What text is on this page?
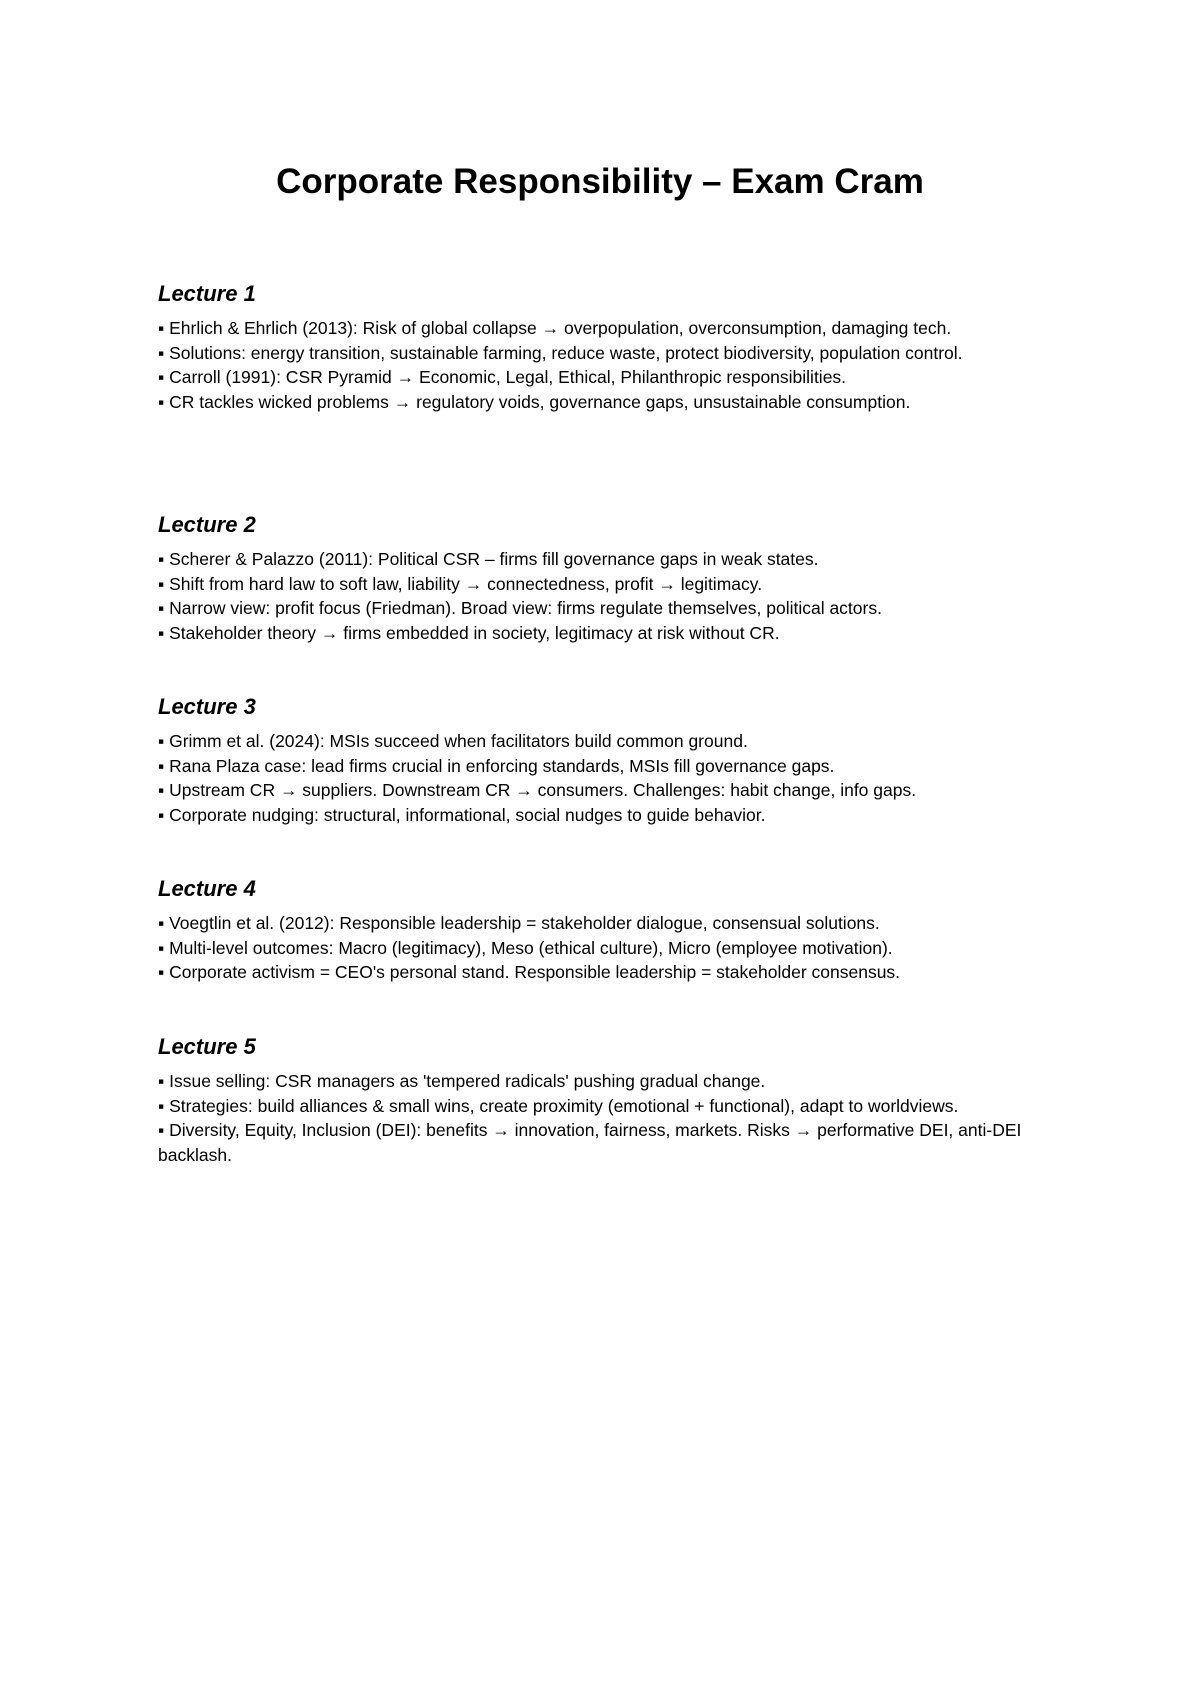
Corporate Responsibility – Exam Cram
Lecture 1
▪ Ehrlich & Ehrlich (2013): Risk of global collapse → overpopulation, overconsumption, damaging tech.
▪ Solutions: energy transition, sustainable farming, reduce waste, protect biodiversity, population control.
▪ Carroll (1991): CSR Pyramid → Economic, Legal, Ethical, Philanthropic responsibilities.
▪ CR tackles wicked problems → regulatory voids, governance gaps, unsustainable consumption.
Lecture 2
▪ Scherer & Palazzo (2011): Political CSR – firms fill governance gaps in weak states.
▪ Shift from hard law to soft law, liability → connectedness, profit → legitimacy.
▪ Narrow view: profit focus (Friedman). Broad view: firms regulate themselves, political actors.
▪ Stakeholder theory → firms embedded in society, legitimacy at risk without CR.
Lecture 3
▪ Grimm et al. (2024): MSIs succeed when facilitators build common ground.
▪ Rana Plaza case: lead firms crucial in enforcing standards, MSIs fill governance gaps.
▪ Upstream CR → suppliers. Downstream CR → consumers. Challenges: habit change, info gaps.
▪ Corporate nudging: structural, informational, social nudges to guide behavior.
Lecture 4
▪ Voegtlin et al. (2012): Responsible leadership = stakeholder dialogue, consensual solutions.
▪ Multi-level outcomes: Macro (legitimacy), Meso (ethical culture), Micro (employee motivation).
▪ Corporate activism = CEO's personal stand. Responsible leadership = stakeholder consensus.
Lecture 5
▪ Issue selling: CSR managers as 'tempered radicals' pushing gradual change.
▪ Strategies: build alliances & small wins, create proximity (emotional + functional), adapt to worldviews.
▪ Diversity, Equity, Inclusion (DEI): benefits → innovation, fairness, markets. Risks → performative DEI, anti-DEI backlash.
